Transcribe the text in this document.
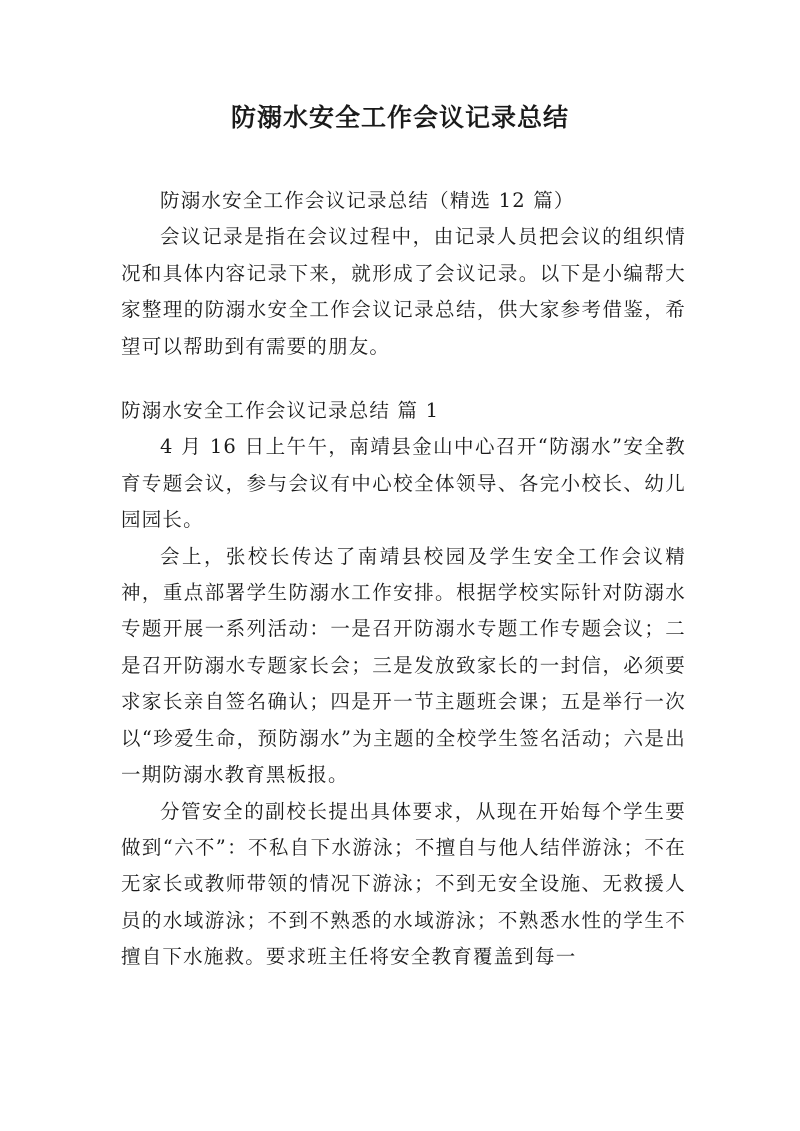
防溺水安全工作会议记录总结

防溺水安全工作会议记录总结（精选 12 篇）

会议记录是指在会议过程中，由记录人员把会议的组织情况和具体内容记录下来，就形成了会议记录。以下是小编帮大家整理的防溺水安全工作会议记录总结，供大家参考借鉴，希望可以帮助到有需要的朋友。

防溺水安全工作会议记录总结 篇 1

4 月 16 日上午午，南靖县金山中心召开“防溺水”安全教育专题会议，参与会议有中心校全体领导、各完小校长、幼儿园园长。

会上，张校长传达了南靖县校园及学生安全工作会议精神，重点部署学生防溺水工作安排。根据学校实际针对防溺水专题开展一系列活动：一是召开防溺水专题工作专题会议；二是召开防溺水专题家长会；三是发放致家长的一封信，必须要求家长亲自签名确认；四是开一节主题班会课；五是举行一次以“珍爱生命，预防溺水”为主题的全校学生签名活动；六是出一期防溺水教育黑板报。

分管安全的副校长提出具体要求，从现在开始每个学生要做到“六不”：不私自下水游泳；不擅自与他人结伴游泳；不在无家长或教师带领的情况下游泳；不到无安全设施、无救援人员的水域游泳；不到不熟悉的水域游泳；不熟悉水性的学生不擅自下水施救。要求班主任将安全教育覆盖到每一
